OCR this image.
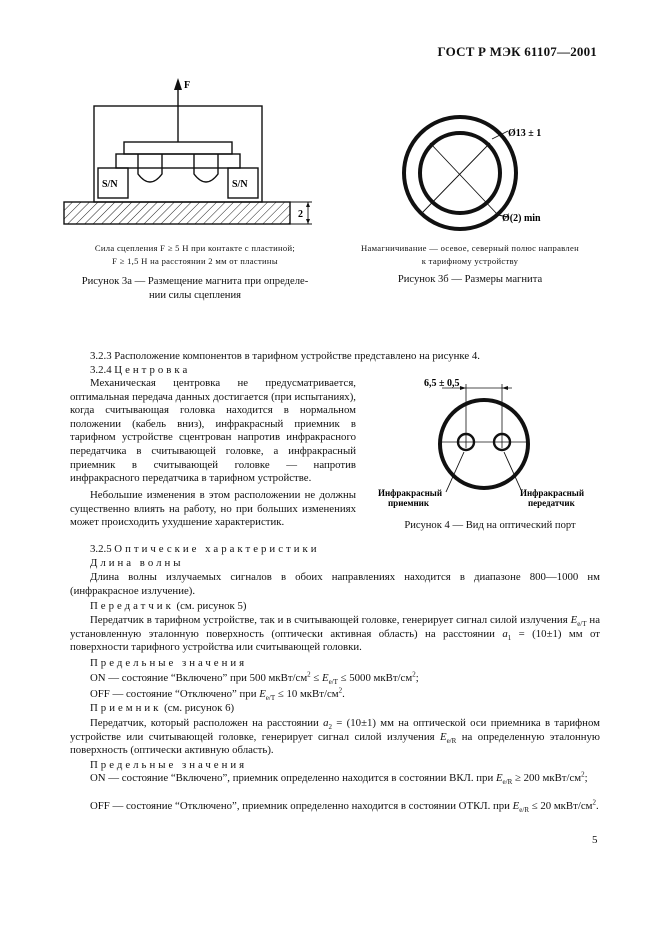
ГОСТ Р МЭК 61107—2001
F
S/N	S/N
2
Сила сцепления F ≥ 5 Н при контакте с пластиной;
F ≥ 1,5 Н на расстоянии 2 мм от пластины
Рисунок 3а — Размещение магнита при определе-
нии силы сцепления
Ø13 ± 1
Ø(2) min
Намагничивание — осевое, северный полюс направлен
к тарифному устройству
Рисунок 3б — Размеры магнита
3.2.3 Расположение компонентов в тарифном устройстве представлено на рисунке 4.
3.2.4 Центровка
Механическая центровка не предусматривается, оптимальная передача данных достигается (при испытаниях), когда считывающая головка находится в нормальном положении (кабель вниз), инфракрасный приемник в тарифном устройстве сцентрован напротив инфракрасного передатчика в считывающей головке, а инфракрасный приемник в считывающей головке — напротив инфракрасного передатчика в тарифном устройстве.
Небольшие изменения в этом расположении не должны существенно влиять на работу, но при больших изменениях может происходить ухудшение характеристик.
6,5 ± 0,5
Инфракрасный
приемник
Инфракрасный
передатчик
Рисунок 4 — Вид на оптический порт
3.2.5 Оптические характеристики
Длина волны
Длина волны излучаемых сигналов в обоих направлениях находится в диапазоне 800—1000 нм (инфракрасное излучение).
Передатчик (см. рисунок 5)
Передатчик в тарифном устройстве, так и в считывающей головке, генерирует сигнал силой излучения $E_{e/T}$ на установленную эталонную поверхность (оптически активная область) на расстоянии $a_1 = (10\pm 1)$ мм от поверхности тарифного устройства или считывающей головки.
Предельные значения
ON — состояние “Включено” при 500 мкВт/$см^2 \le E_{e/T} \le 5000$ мкВт/$см^2$;
OFF — состояние “Отключено” при $E_{e/T} \le 10$ мкВт/$см^2$.
Приемник (см. рисунок 6)
Передатчик, который расположен на расстоянии $a_2 = (10\pm 1)$ мм на оптической оси приемника в тарифном устройстве или считывающей головке, генерирует сигнал силой излучения $E_{e/R}$ на определенную эталонную поверхность (оптически активную область).
Предельные значения
ON — состояние “Включено”, приемник определенно находится в состоянии ВКЛ. при $E_{e/R} \ge 200$ мкВт/$см^2$;
OFF — состояние “Отключено”, приемник определенно находится в состоянии ОТКЛ. при $E_{e/R} \le 20$ мкВт/$см^2$.
5
